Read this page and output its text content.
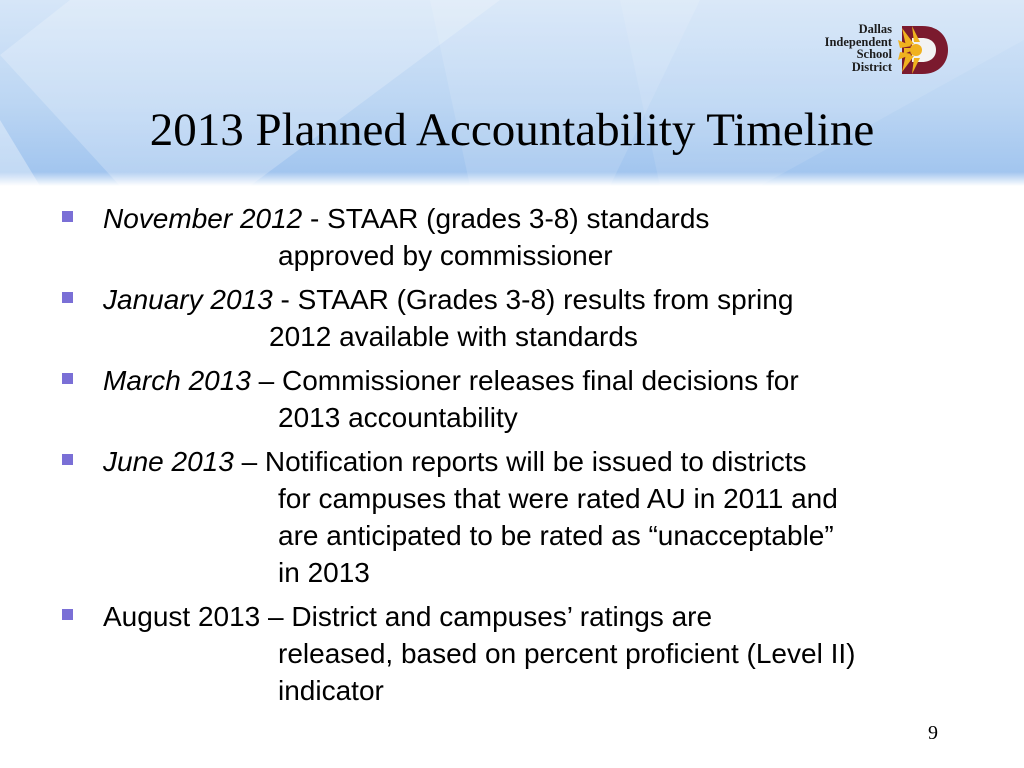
Dallas
Independent
School
District
2013 Planned Accountability Timeline
November 2012 - STAAR (grades 3-8) standards
approved by commissioner
January 2013 - STAAR (Grades 3-8) results from spring
2012 available with standards
March 2013 – Commissioner releases final decisions for
2013 accountability
June 2013 – Notification reports will be issued to districts
for campuses that were rated AU in 2011 and
are anticipated to be rated as “unacceptable”
in 2013
August 2013 – District and campuses’ ratings are
released, based on percent proficient (Level II)
indicator
9
